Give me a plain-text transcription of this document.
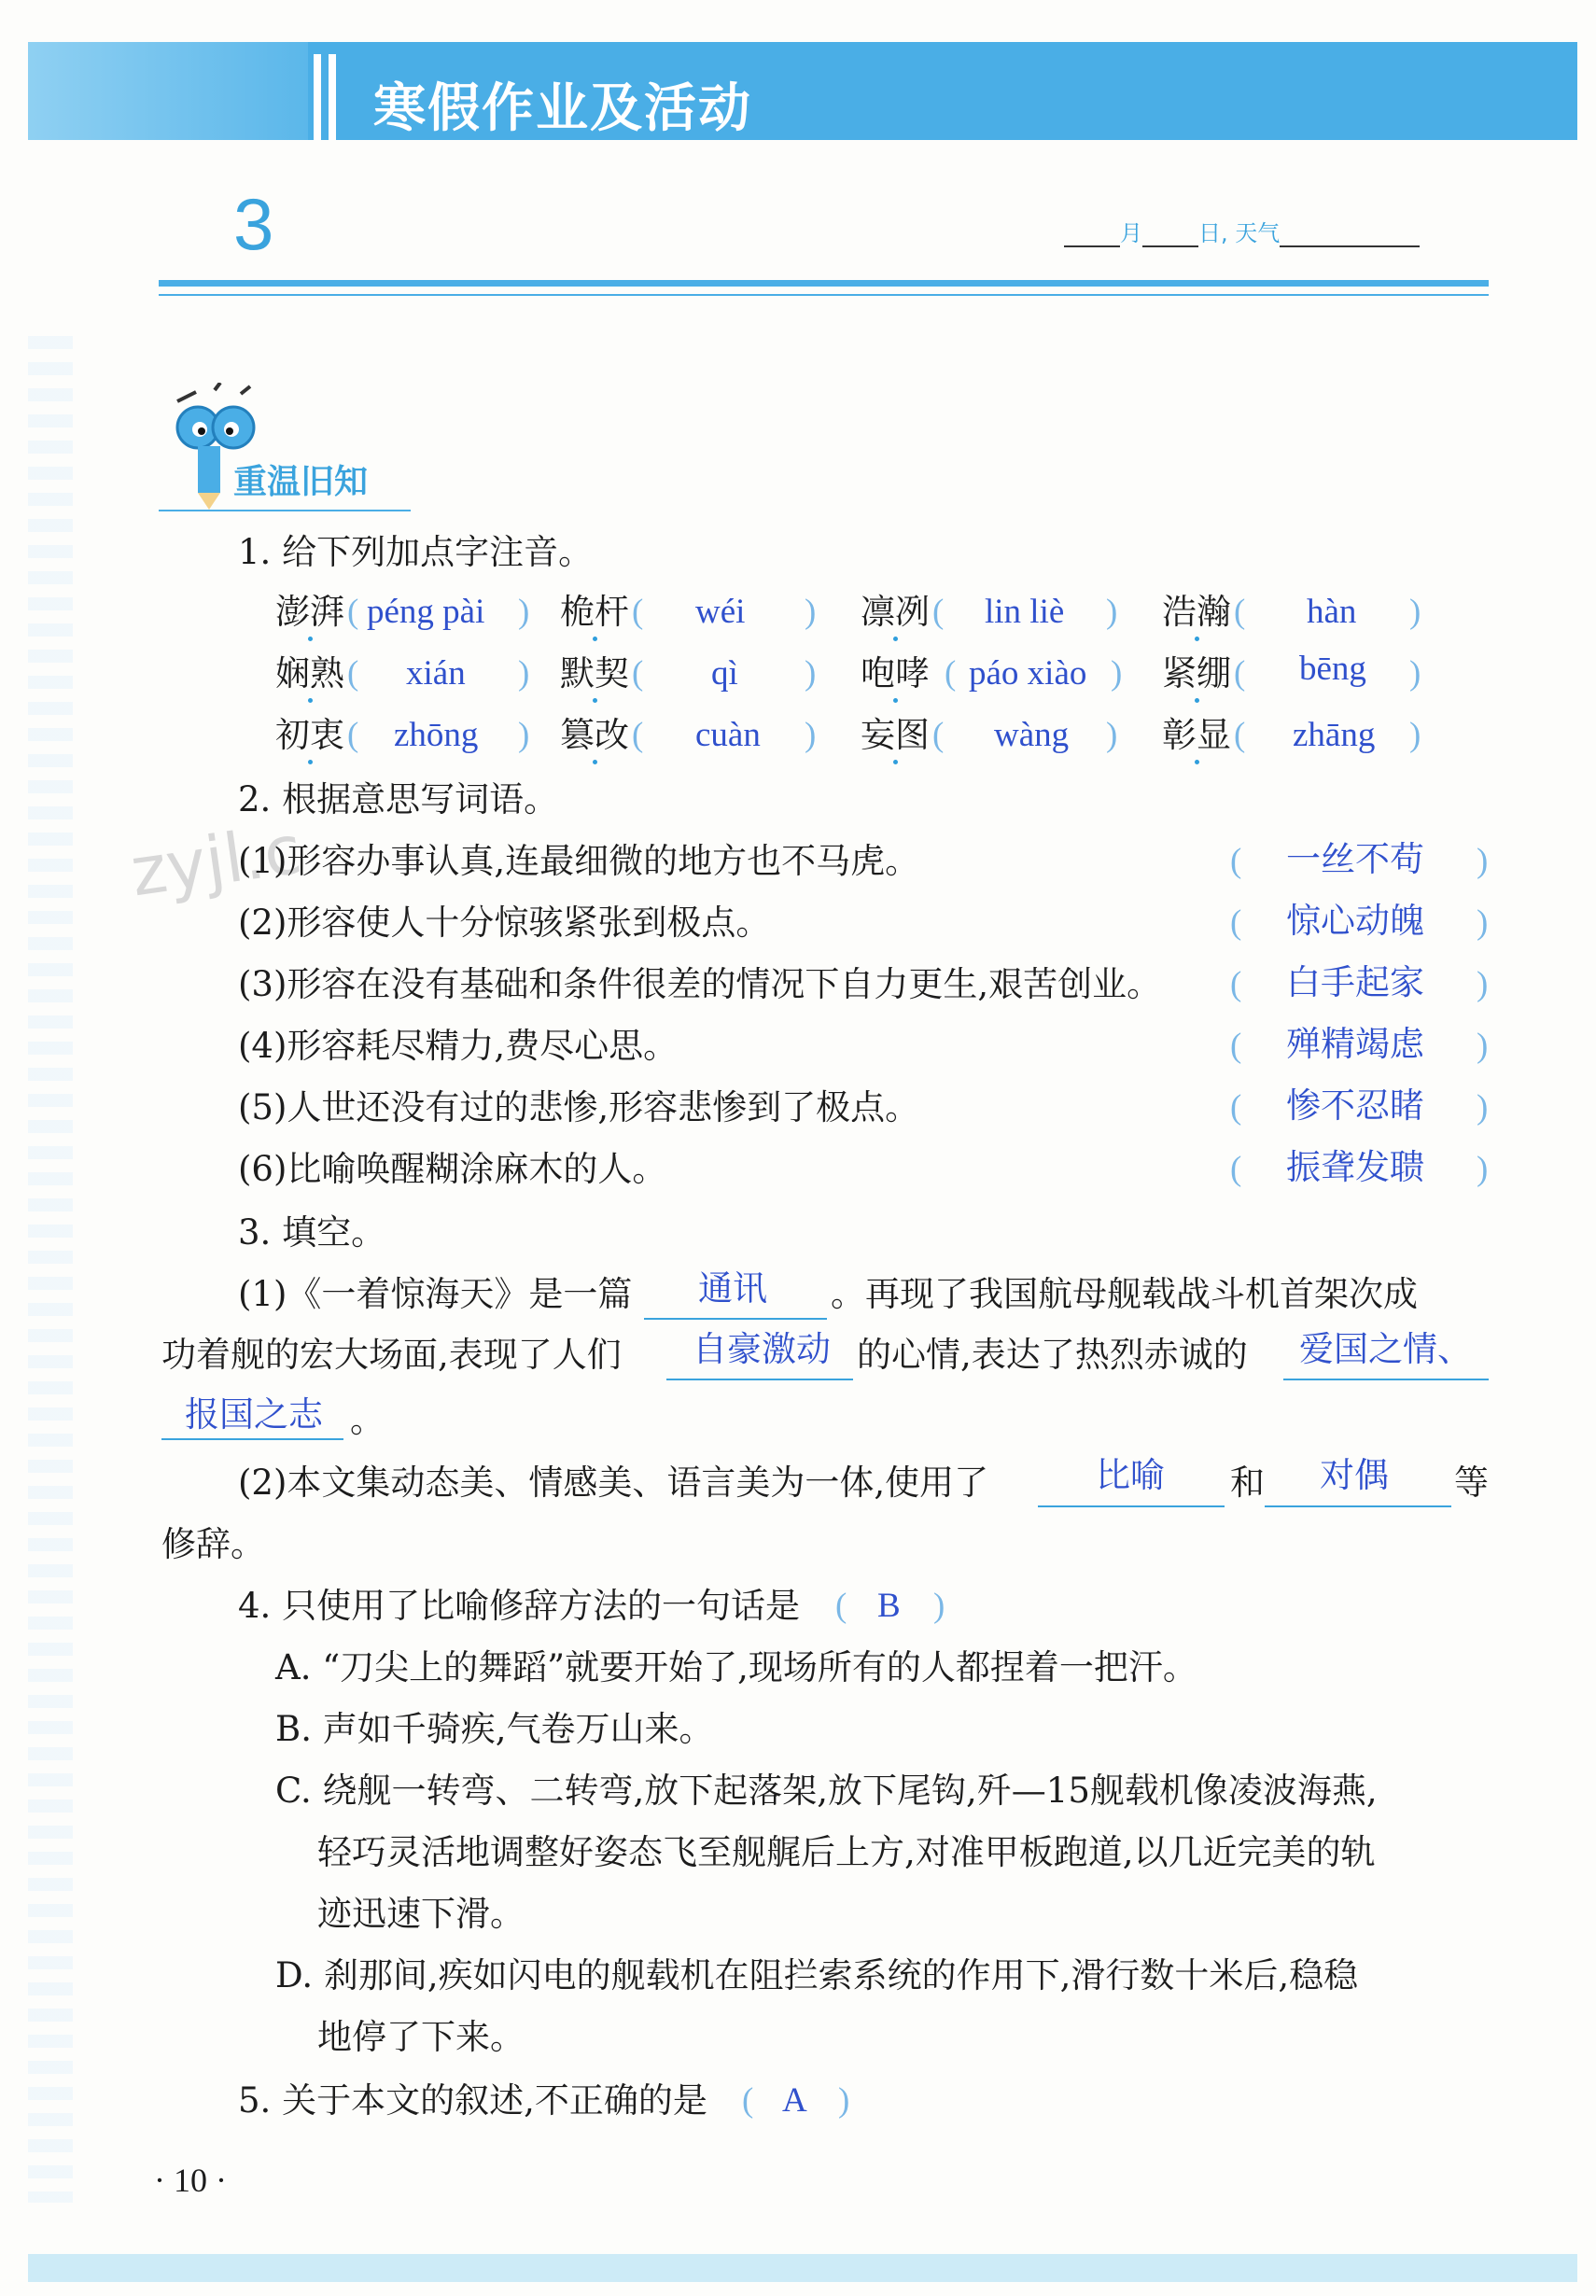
寒假作业及活动
3	月	日, 天气
重温旧知
zyjl.c
1. 给下列加点字注音。
澎湃 ( péng pài ) 桅杆 ( wéi ) 凛冽 ( lin liè ) 浩瀚 ( hàn )
娴熟 ( xián ) 默契 ( qì ) 咆哮 ( páo xiào ) 紧绷 ( bēng )
初衷 ( zhōng ) 篡改 ( cuàn ) 妄图 ( wàng ) 彰显 ( zhāng )
2. 根据意思写词语。
(1)形容办事认真,连最细微的地方也不马虎。	( 一丝不苟 )
(2)形容使人十分惊骇紧张到极点。	( 惊心动魄 )
(3)形容在没有基础和条件很差的情况下自力更生,艰苦创业。 ( 白手起家 )
(4)形容耗尽精力,费尽心思。	( 殚精竭虑 )
(5)人世还没有过的悲惨,形容悲惨到了极点。	( 惨不忍睹 )
(6)比喻唤醒糊涂麻木的人。	( 振聋发聩 )
3. 填空。
(1)《一着惊海天》是一篇 通讯 。再现了我国航母舰载战斗机首架次成
功着舰的宏大场面,表现了人们 自豪激动 的心情,表达了热烈赤诚的 爱国之情、
报国之志 。
(2)本文集动态美、情感美、语言美为一体,使用了	比喻 和 对偶 等
修辞。
4. 只使用了比喻修辞方法的一句话是 ( B )
A. “刀尖上的舞蹈”就要开始了,现场所有的人都捏着一把汗。
B. 声如千骑疾,气卷万山来。
C. 绕舰一转弯、二转弯,放下起落架,放下尾钩,歼—15舰载机像凌波海燕,
轻巧灵活地调整好姿态飞至舰艉后上方,对准甲板跑道,以几近完美的轨
迹迅速下滑。
D. 刹那间,疾如闪电的舰载机在阻拦索系统的作用下,滑行数十米后,稳稳
地停了下来。
5. 关于本文的叙述,不正确的是 ( A )
· 10 ·
